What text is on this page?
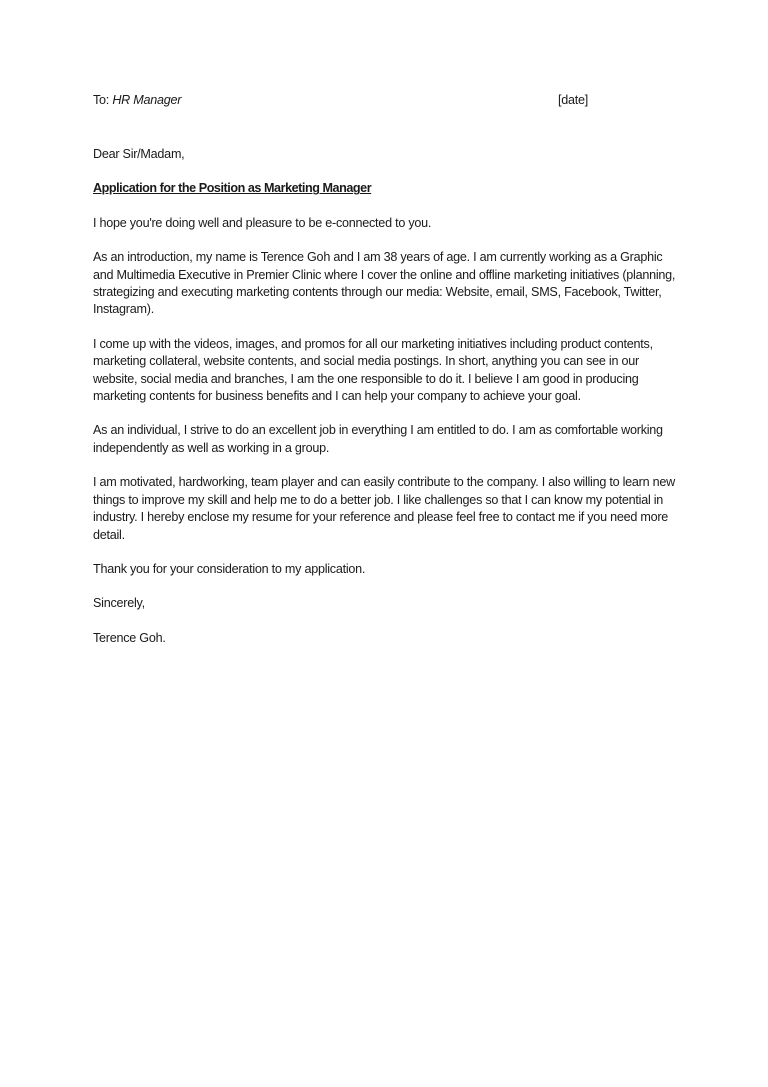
To: HR Manager	[date]
Dear Sir/Madam,
Application for the Position as Marketing Manager

I hope you're doing well and pleasure to be e-connected to you.

As an introduction, my name is Terence Goh and I am 38 years of age. I am currently working as a Graphic and Multimedia Executive in Premier Clinic where I cover the online and offline marketing initiatives (planning, strategizing and executing marketing contents through our media: Website, email, SMS, Facebook, Twitter, Instagram).

I come up with the videos, images, and promos for all our marketing initiatives including product contents, marketing collateral, website contents, and social media postings. In short, anything you can see in our website, social media and branches, I am the one responsible to do it. I believe I am good in producing marketing contents for business benefits and I can help your company to achieve your goal.

As an individual, I strive to do an excellent job in everything I am entitled to do. I am as comfortable working independently as well as working in a group.

I am motivated, hardworking, team player and can easily contribute to the company. I also willing to learn new things to improve my skill and help me to do a better job. I like challenges so that I can know my potential in industry. I hereby enclose my resume for your reference and please feel free to contact me if you need more detail.

Thank you for your consideration to my application.

Sincerely,
Terence Goh.
